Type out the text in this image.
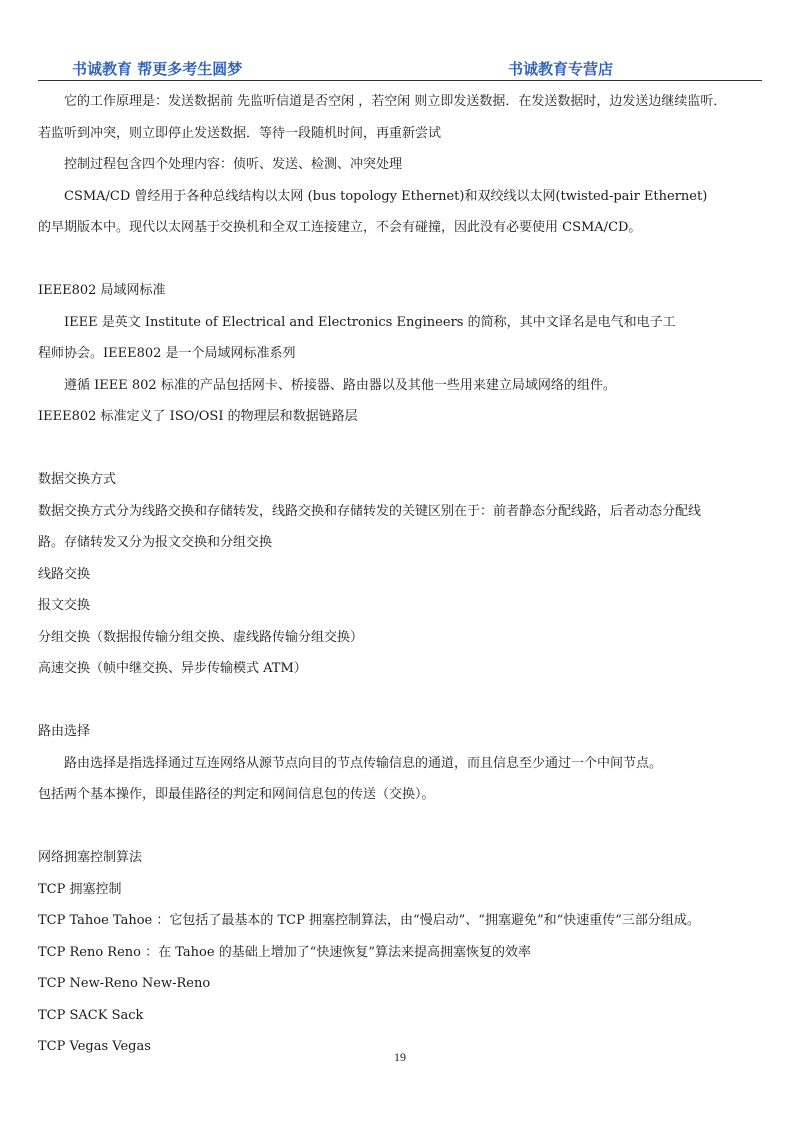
书诚教育 帮更多考生圆梦	书诚教育专营店

它的工作原理是：发送数据前 先监听信道是否空闲 ，若空闲 则立即发送数据．在发送数据时，边发送边继续监听．

若监听到冲突，则立即停止发送数据．等待一段随机时间，再重新尝试

控制过程包含四个处理内容：侦听、发送、检测、冲突处理

CSMA/CD 曾经用于各种总线结构以太网 (bus topology Ethernet)和双绞线以太网(twisted-pair Ethernet)

的早期版本中。现代以太网基于交换机和全双工连接建立，不会有碰撞，因此没有必要使用 CSMA/CD。

IEEE802 局域网标准

IEEE 是英文 Institute of Electrical and Electronics Engineers 的简称，其中文译名是电气和电子工

程师协会。IEEE802 是一个局域网标准系列

遵循 IEEE 802 标准的产品包括网卡、桥接器、路由器以及其他一些用来建立局域网络的组件。

IEEE802 标准定义了 ISO/OSI 的物理层和数据链路层

数据交换方式

数据交换方式分为线路交换和存储转发，线路交换和存储转发的关键区别在于：前者静态分配线路，后者动态分配线

路。存储转发又分为报文交换和分组交换

线路交换

报文交换

分组交换（数据报传输分组交换、虚线路传输分组交换）

高速交换（帧中继交换、异步传输模式 ATM）

路由选择

路由选择是指选择通过互连网络从源节点向目的节点传输信息的通道，而且信息至少通过一个中间节点。

包括两个基本操作，即最佳路径的判定和网间信息包的传送（交换）。

网络拥塞控制算法

TCP 拥塞控制

TCP Tahoe Tahoe ：它包括了最基本的 TCP 拥塞控制算法，由“慢启动”、“拥塞避免”和“快速重传”三部分组成。

TCP Reno Reno ：在 Tahoe 的基础上增加了“快速恢复”算法来提高拥塞恢复的效率

TCP New-Reno New-Reno

TCP SACK Sack

TCP Vegas Vegas

19
